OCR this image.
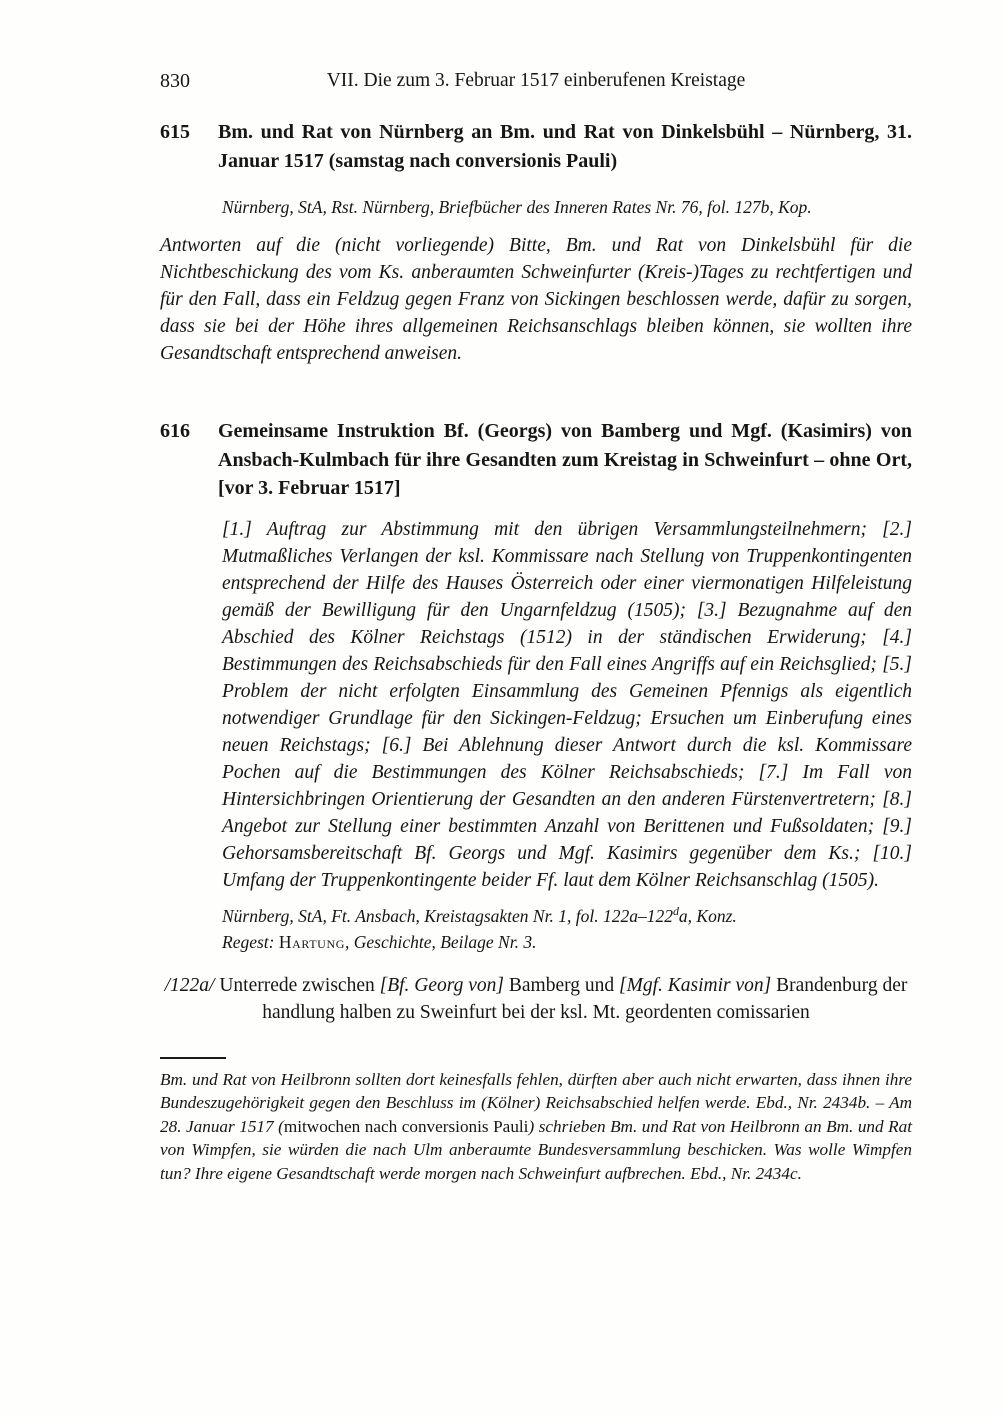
830	VII. Die zum 3. Februar 1517 einberufenen Kreistage
615	Bm. und Rat von Nürnberg an Bm. und Rat von Dinkelsbühl – Nürnberg, 31. Januar 1517 (samstag nach conversionis Pauli)

Nürnberg, StA, Rst. Nürnberg, Briefbücher des Inneren Rates Nr. 76, fol. 127b, Kop.

Antworten auf die (nicht vorliegende) Bitte, Bm. und Rat von Dinkelsbühl für die Nichtbeschickung des vom Ks. anberaumten Schweinfurter (Kreis-)Tages zu rechtfertigen und für den Fall, dass ein Feldzug gegen Franz von Sickingen beschlossen werde, dafür zu sorgen, dass sie bei der Höhe ihres allgemeinen Reichsanschlags bleiben können, sie wollten ihre Gesandtschaft entsprechend anweisen.

616	Gemeinsame Instruktion Bf. (Georgs) von Bamberg und Mgf. (Kasimirs) von Ansbach-Kulmbach für ihre Gesandten zum Kreistag in Schweinfurt – ohne Ort, [vor 3. Februar 1517]

[1.] Auftrag zur Abstimmung mit den übrigen Versammlungsteilnehmern; [2.] Mutmaßliches Verlangen der ksl. Kommissare nach Stellung von Truppenkontingenten entsprechend der Hilfe des Hauses Österreich oder einer viermonatigen Hilfeleistung gemäß der Bewilligung für den Ungarnfeldzug (1505); [3.] Bezugnahme auf den Abschied des Kölner Reichstags (1512) in der ständischen Erwiderung; [4.] Bestimmungen des Reichsabschieds für den Fall eines Angriffs auf ein Reichsglied; [5.] Problem der nicht erfolgten Einsammlung des Gemeinen Pfennigs als eigentlich notwendiger Grundlage für den Sickingen-Feldzug; Ersuchen um Einberufung eines neuen Reichstags; [6.] Bei Ablehnung dieser Antwort durch die ksl. Kommissare Pochen auf die Bestimmungen des Kölner Reichsabschieds; [7.] Im Fall von Hintersichbringen Orientierung der Gesandten an den anderen Fürstenvertretern; [8.] Angebot zur Stellung einer bestimmten Anzahl von Berittenen und Fußsoldaten; [9.] Gehorsamsbereitschaft Bf. Georgs und Mgf. Kasimirs gegenüber dem Ks.; [10.] Umfang der Truppenkontingente beider Ff. laut dem Kölner Reichsanschlag (1505).

Nürnberg, StA, Ft. Ansbach, Kreistagsakten Nr. 1, fol. 122a–122$^d$a, Konz.

Regest: Hartung, Geschichte, Beilage Nr. 3.

/122a/ Unterrede zwischen [Bf. Georg von] Bamberg und [Mgf. Kasimir von] Brandenburg der handlung halben zu Sweinfurt bei der ksl. Mt. geordenten comissarien

Bm. und Rat von Heilbronn sollten dort keinesfalls fehlen, dürften aber auch nicht erwarten, dass ihnen ihre Bundeszugehörigkeit gegen den Beschluss im (Kölner) Reichsabschied helfen werde. Ebd., Nr. 2434b. – Am 28. Januar 1517 (mitwochen nach conversionis Pauli) schrieben Bm. und Rat von Heilbronn an Bm. und Rat von Wimpfen, sie würden die nach Ulm anberaumte Bundesversammlung beschicken. Was wolle Wimpfen tun? Ihre eigene Gesandtschaft werde morgen nach Schweinfurt aufbrechen. Ebd., Nr. 2434c.
